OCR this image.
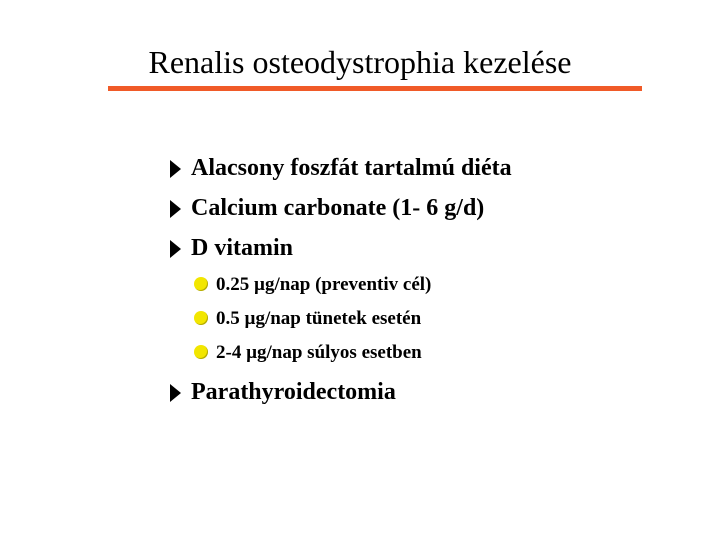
Renalis osteodystrophia kezelése
Alacsony foszfát tartalmú diéta
Calcium carbonate (1- 6 g/d)
D vitamin
0.25 µg/nap (preventiv cél)
0.5 µg/nap tünetek esetén
2-4 µg/nap súlyos esetben
Parathyroidectomia
